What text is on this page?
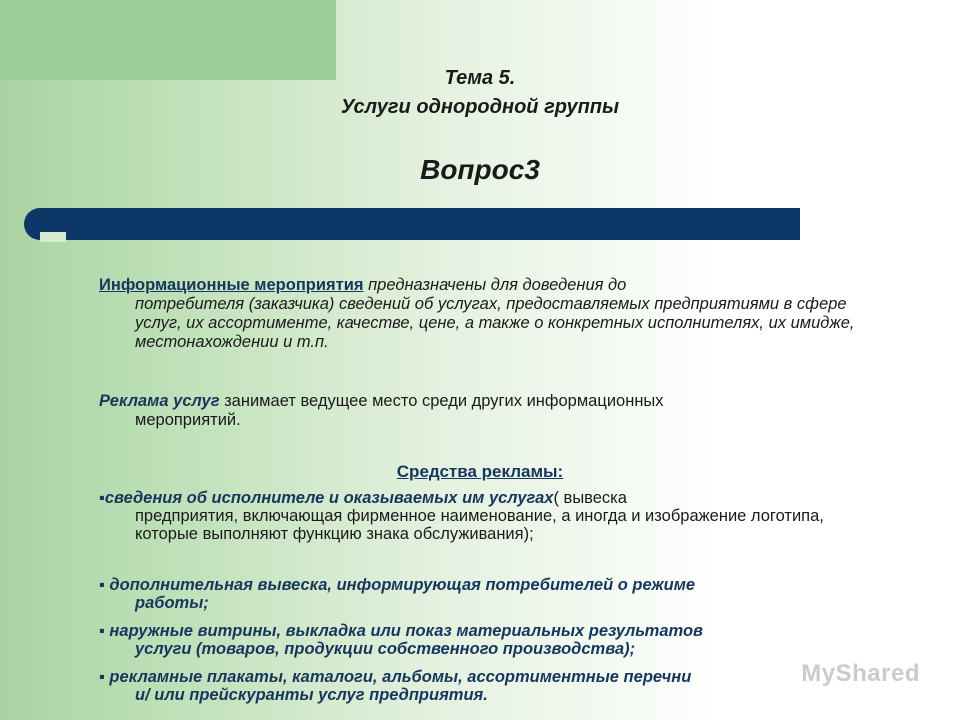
Тема 5.
Услуги однородной группы
Вопрос3
Информационные мероприятия предназначены для доведения до
потребителя (заказчика) сведений об услугах, предоставляемых предприятиями в сфере услуг, их ассортименте, качестве, цене, а также о конкретных исполнителях, их имидже, местонахождении и т.п.
Реклама услуг занимает ведущее место среди других информационных
мероприятий.
Средства рекламы:
▪сведения об исполнителе и оказываемых им услугах( вывеска
предприятия, включающая фирменное наименование, а иногда и изображение логотипа, которые выполняют функцию знака обслуживания);
▪ дополнительная вывеска, информирующая потребителей о режиме
работы;
▪ наружные витрины, выкладка или показ материальных результатов
услуги (товаров, продукции собственного производства);
▪ рекламные плакаты, каталоги, альбомы, ассортиментные перечни
и/ или прейскуранты услуг предприятия.
MyShared
